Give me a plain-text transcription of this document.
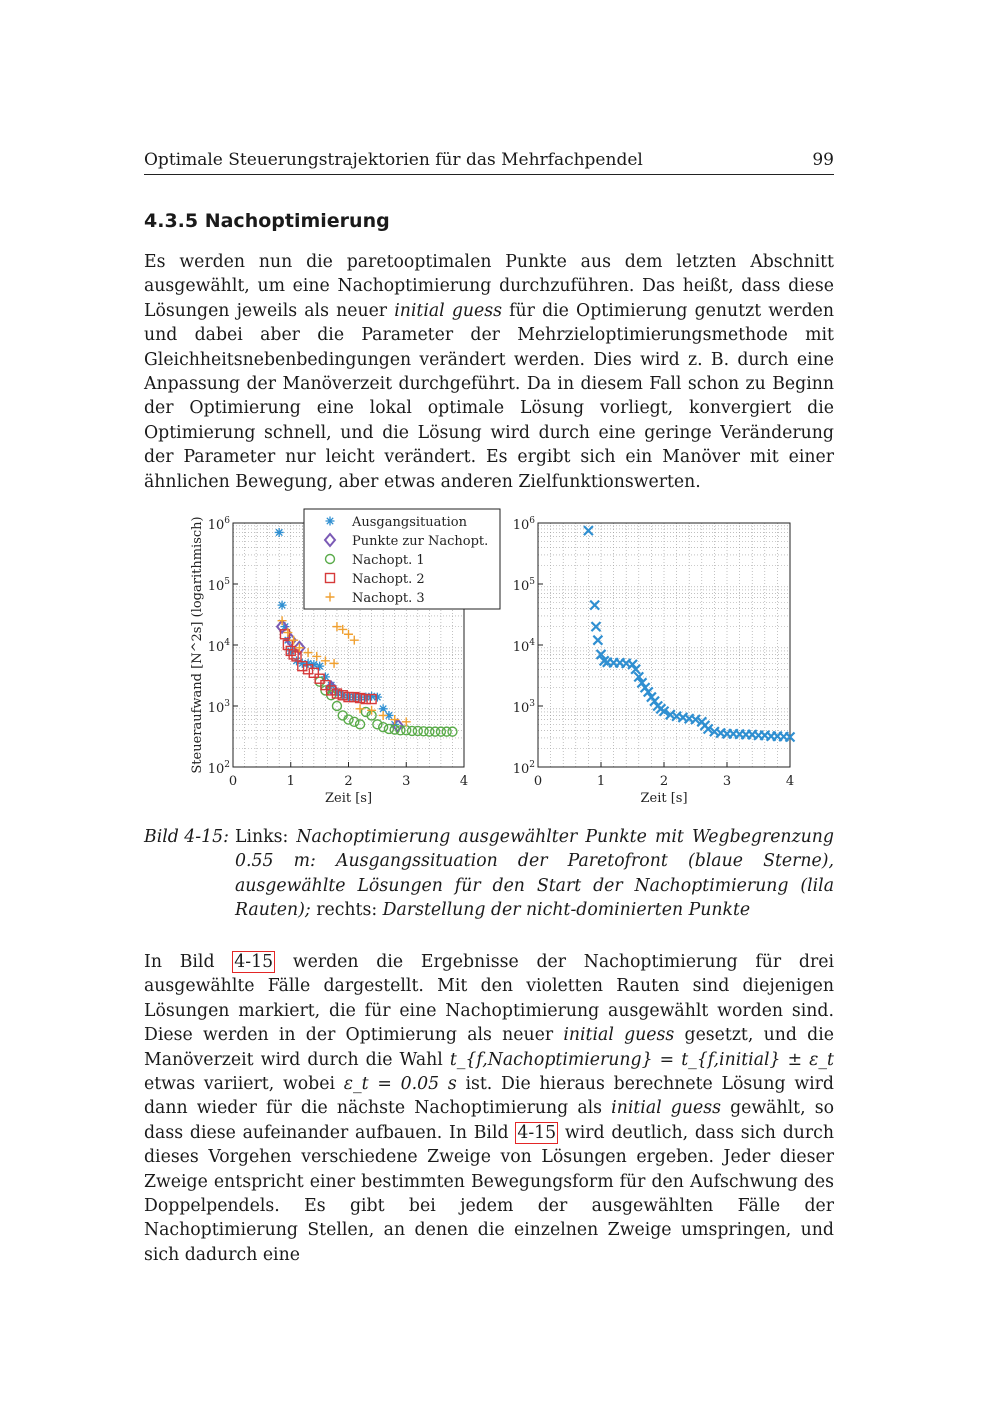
Optimale Steuerungstrajektorien für das Mehrfachpendel	99
4.3.5 Nachoptimierung

Es werden nun die paretooptimalen Punkte aus dem letzten Abschnitt ausgewählt, um eine Nachoptimierung durchzuführen. Das heißt, dass diese Lösungen jeweils als neuer initial guess für die Optimierung genutzt werden und dabei aber die Parameter der Mehrzieloptimierungsmethode mit Gleichheitsnebenbedingungen verändert werden. Dies wird z. B. durch eine Anpassung der Manöverzeit durchgeführt. Da in diesem Fall schon zu Beginn der Optimierung eine lokal optimale Lösung vorliegt, konvergiert die Optimierung schnell, und die Lösung wird durch eine geringe Veränderung der Parameter nur leicht verändert. Es ergibt sich ein Manöver mit einer ähnlichen Bewegung, aber etwas anderen Zielfunktionswerten.

0	1	2	3	4
$10^2$
$10^3$
$10^4$
$10^5$
$10^6$
Zeit [s]
Steueraufwand [N^2s] (logarithmisch)
0	1	2	3	4
$10^2$
$10^3$
$10^4$
$10^5$
$10^6$
Zeit [s]
Ausgangsituation
Punkte zur Nachopt.
Nachopt. 1
Nachopt. 2
Nachopt. 3
Bild 4-15: Links: Nachoptimierung ausgewählter Punkte mit Wegbegrenzung 0.55 m: Ausgangssituation der Paretofront (blaue Sterne), ausgewählte Lösungen für den Start der Nachoptimierung (lila Rauten); rechts: Darstellung der nicht-dominierten Punkte

In Bild 4-15 werden die Ergebnisse der Nachoptimierung für drei ausgewählte Fälle dargestellt. Mit den violetten Rauten sind diejenigen Lösungen markiert, die für eine Nachoptimierung ausgewählt worden sind. Diese werden in der Optimierung als neuer initial guess gesetzt, und die Manöverzeit wird durch die Wahl t_{f,Nachoptimierung} = t_{f,initial} ± ε_t etwas variiert, wobei ε_t = 0.05 s ist. Die hieraus berechnete Lösung wird dann wieder für die nächste Nachoptimierung als initial guess gewählt, so dass diese aufeinander aufbauen. In Bild 4-15 wird deutlich, dass sich durch dieses Vorgehen verschiedene Zweige von Lösungen ergeben. Jeder dieser Zweige entspricht einer bestimmten Bewegungsform für den Aufschwung des Doppelpendels. Es gibt bei jedem der ausgewählten Fälle der Nachoptimierung Stellen, an denen die einzelnen Zweige umspringen, und sich dadurch eine
